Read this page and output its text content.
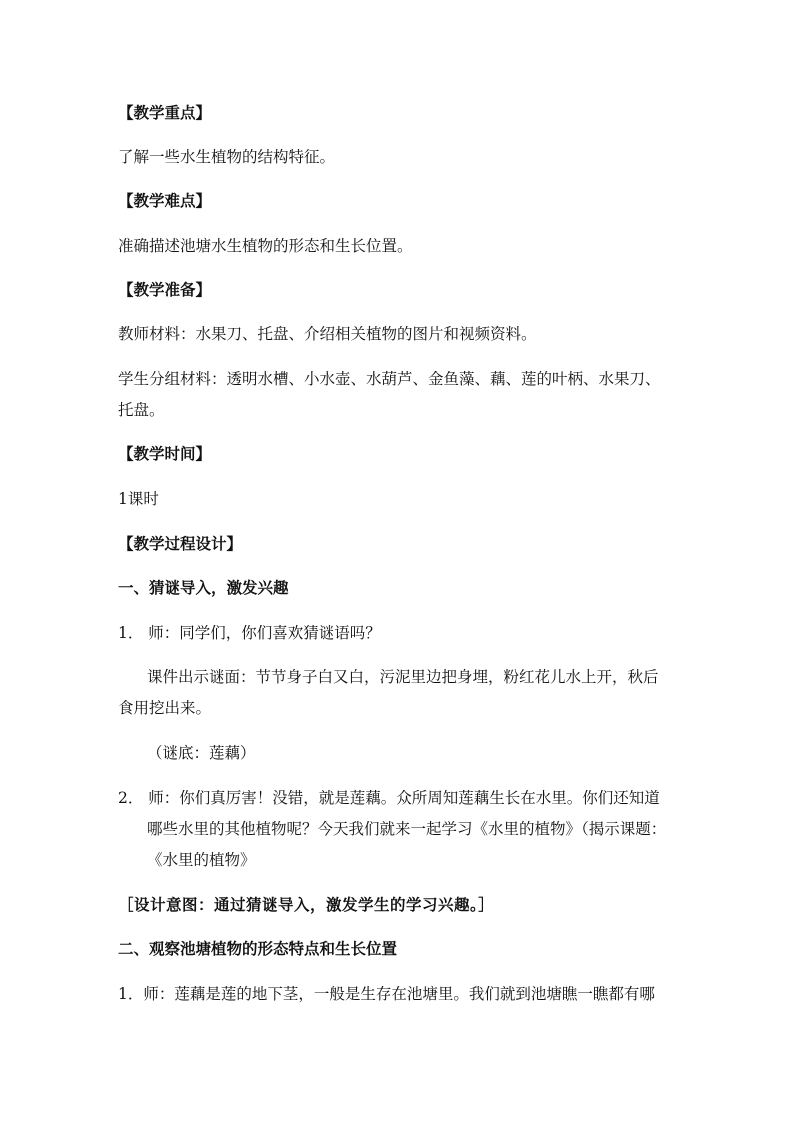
【教学重点】
了解一些水生植物的结构特征。
【教学难点】
准确描述池塘水生植物的形态和生长位置。
【教学准备】
教师材料：水果刀、托盘、介绍相关植物的图片和视频资料。
学生分组材料：透明水槽、小水壶、水葫芦、金鱼藻、藕、莲的叶柄、水果刀、
托盘。
【教学时间】
1课时
【教学过程设计】
一、猜谜导入，激发兴趣
1． 师：同学们，你们喜欢猜谜语吗？
课件出示谜面：节节身子白又白，污泥里边把身埋，粉红花儿水上开，秋后
食用挖出来。
（谜底：莲藕）
2． 师：你们真厉害！没错，就是莲藕。众所周知莲藕生长在水里。你们还知道
哪些水里的其他植物呢？今天我们就来一起学习《水里的植物》（揭示课题：
《水里的植物》
［设计意图：通过猜谜导入，激发学生的学习兴趣。］
二、观察池塘植物的形态特点和生长位置
1．师：莲藕是莲的地下茎，一般是生存在池塘里。我们就到池塘瞧一瞧都有哪
